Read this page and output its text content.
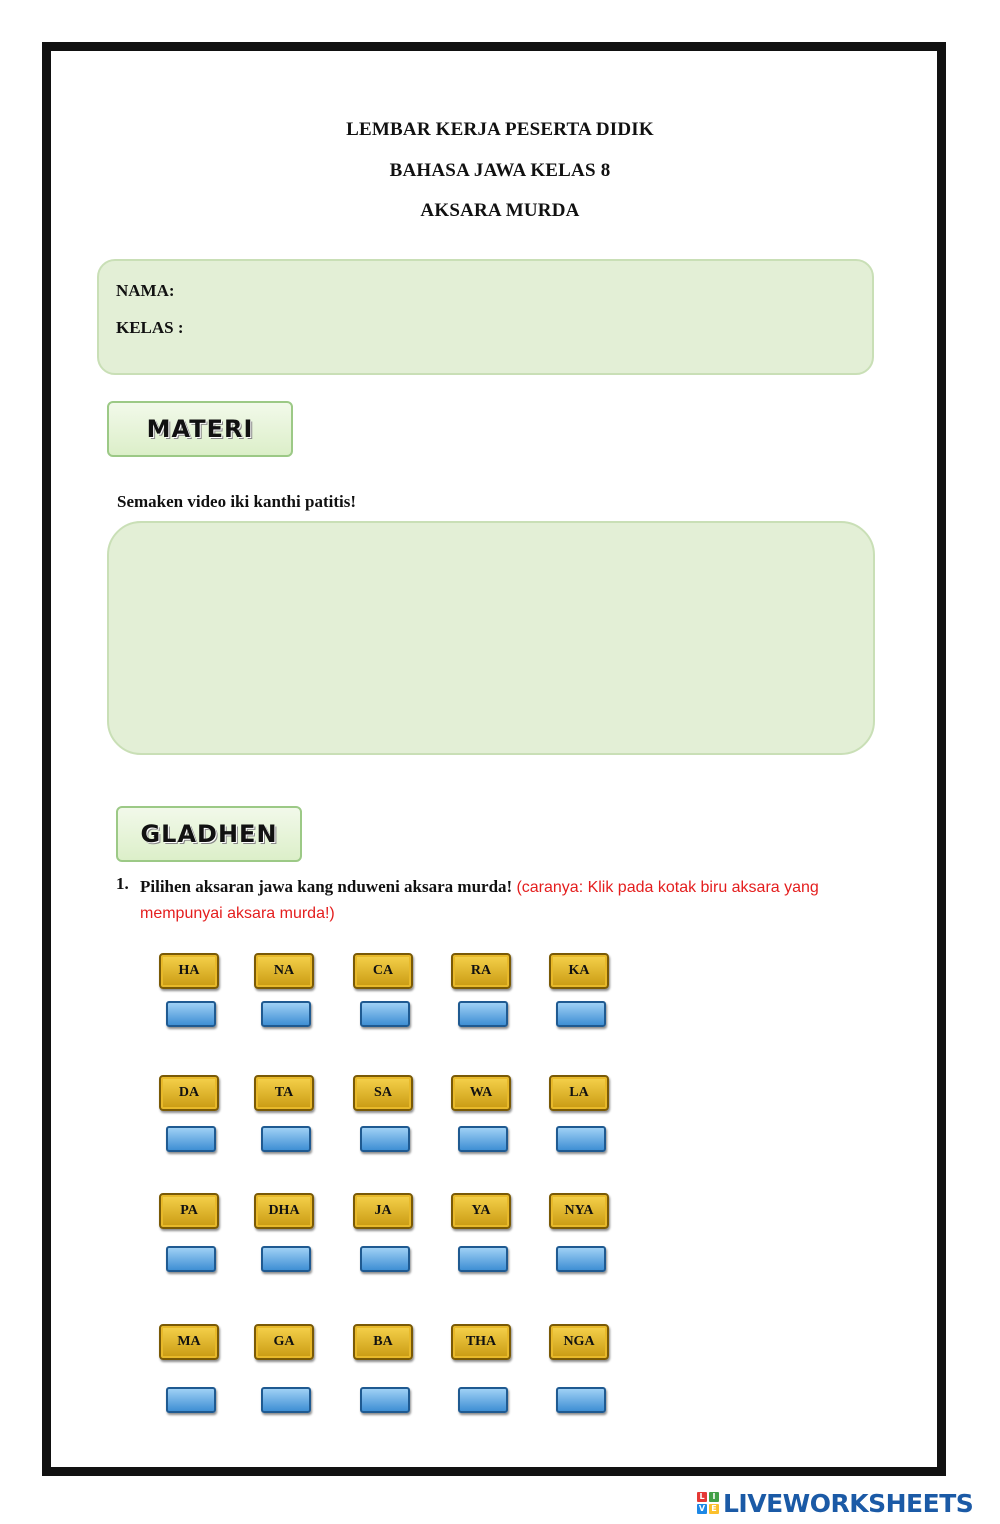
LEMBAR KERJA PESERTA DIDIK
BAHASA JAWA KELAS 8
AKSARA MURDA
NAMA:
KELAS :
MATERI
Semaken video iki kanthi patitis!
GLADHEN
1. Pilihen aksaran jawa kang nduweni aksara murda! (caranya: Klik pada kotak biru aksara yang mempunyai aksara murda!)
HA	NA	CA	RA	KA
DA	TA	SA	WA	LA
PA	DHA	JA	YA	NYA
MA	GA	BA	THA	NGA
L I
V E LIVEWORKSHEETS
